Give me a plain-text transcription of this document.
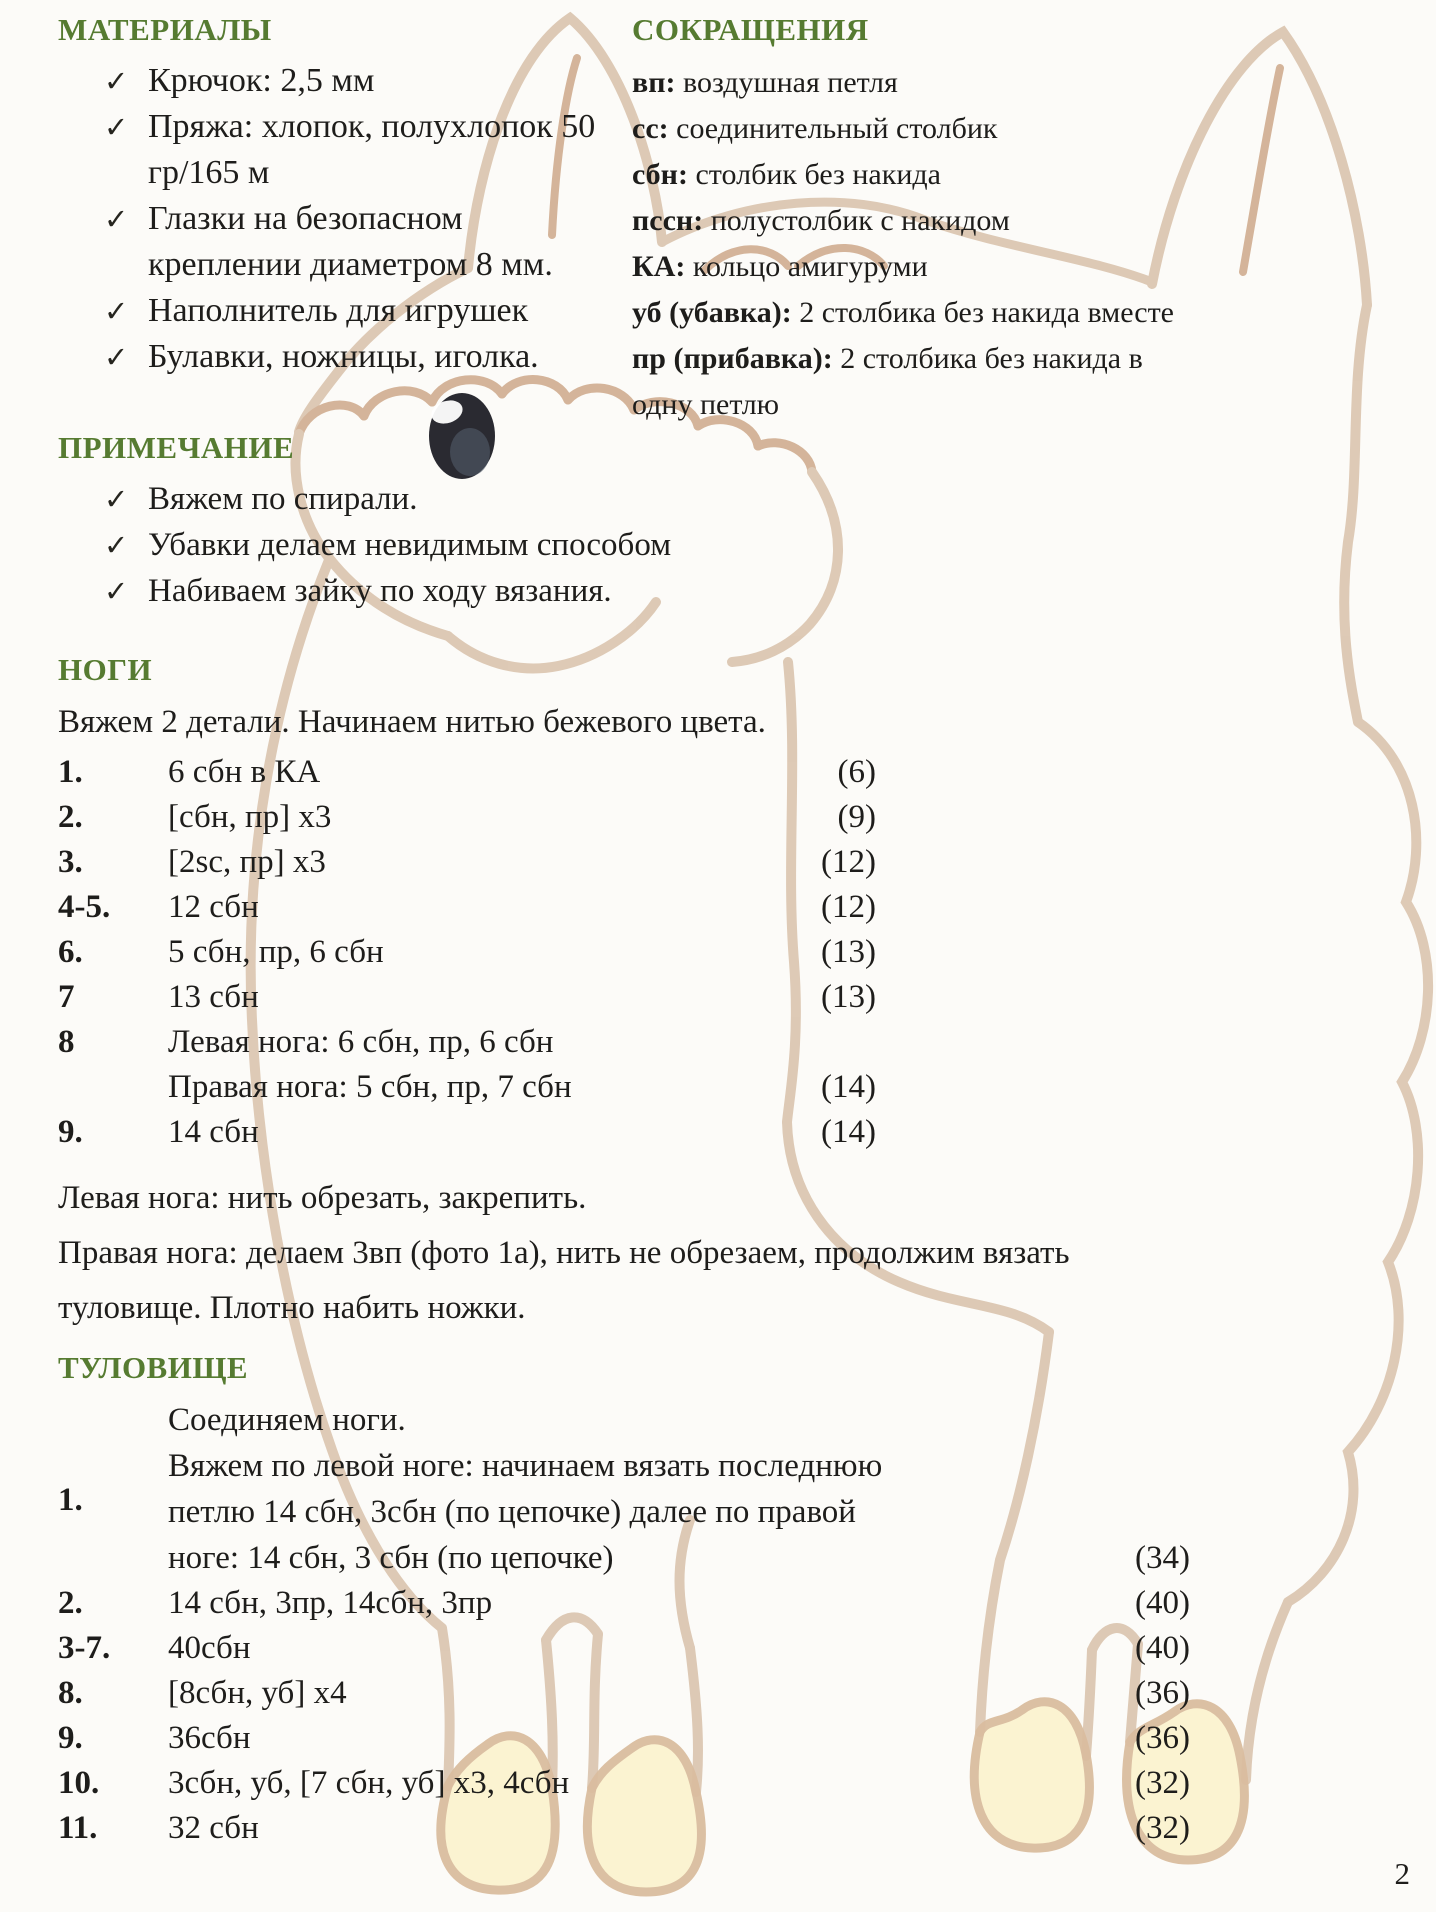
МАТЕРИАЛЫ
✓ Крючок: 2,5 мм
✓ Пряжа: хлопок, полухлопок 50
гр/165 м
✓ Глазки на безопасном
креплении диаметром 8 мм.
✓ Наполнитель для игрушек
✓ Булавки, ножницы, иголка.
СОКРАЩЕНИЯ
вп: воздушная петля
сс: соединительный столбик
сбн: столбик без накида
пссн: полустолбик с накидом
КА: кольцо амигуруми
уб (убавка): 2 столбика без накида вместе
пр (прибавка): 2 столбика без накида в
одну петлю
ПРИМЕЧАНИЕ
✓ Вяжем по спирали.
✓ Убавки делаем невидимым способом
✓ Набиваем зайку по ходу вязания.
НОГИ
Вяжем 2 детали. Начинаем нитью бежевого цвета.
1.	6 сбн в КА	(6)
2.	[сбн, пр] x3	(9)
3.	[2sc, пр] x3	(12)
4-5.	12 сбн	(12)
6.	5 сбн, пр, 6 сбн	(13)
7	13 сбн	(13)
8	Левая нога: 6 сбн, пр, 6 сбн
Правая нога: 5 сбн, пр, 7 сбн	(14)
9.	14 сбн	(14)
Левая нога: нить обрезать, закрепить.
Правая нога: делаем 3вп (фото 1а), нить не обрезаем, продолжим вязать
туловище. Плотно набить ножки.
ТУЛОВИЩЕ
Соединяем ноги.
1.
Вяжем по левой ноге: начинаем вязать последнюю
петлю 14 сбн, 3сбн (по цепочке) далее по правой
ноге: 14 сбн, 3 сбн (по цепочке)	(34)
2.	14 сбн, 3пр, 14сбн, 3пр	(40)
3-7.	40сбн	(40)
8.	[8сбн, уб] x4	(36)
9.	36сбн	(36)
10.	3сбн, уб, [7 сбн, уб] x3, 4сбн	(32)
11.	32 сбн	(32)
2
